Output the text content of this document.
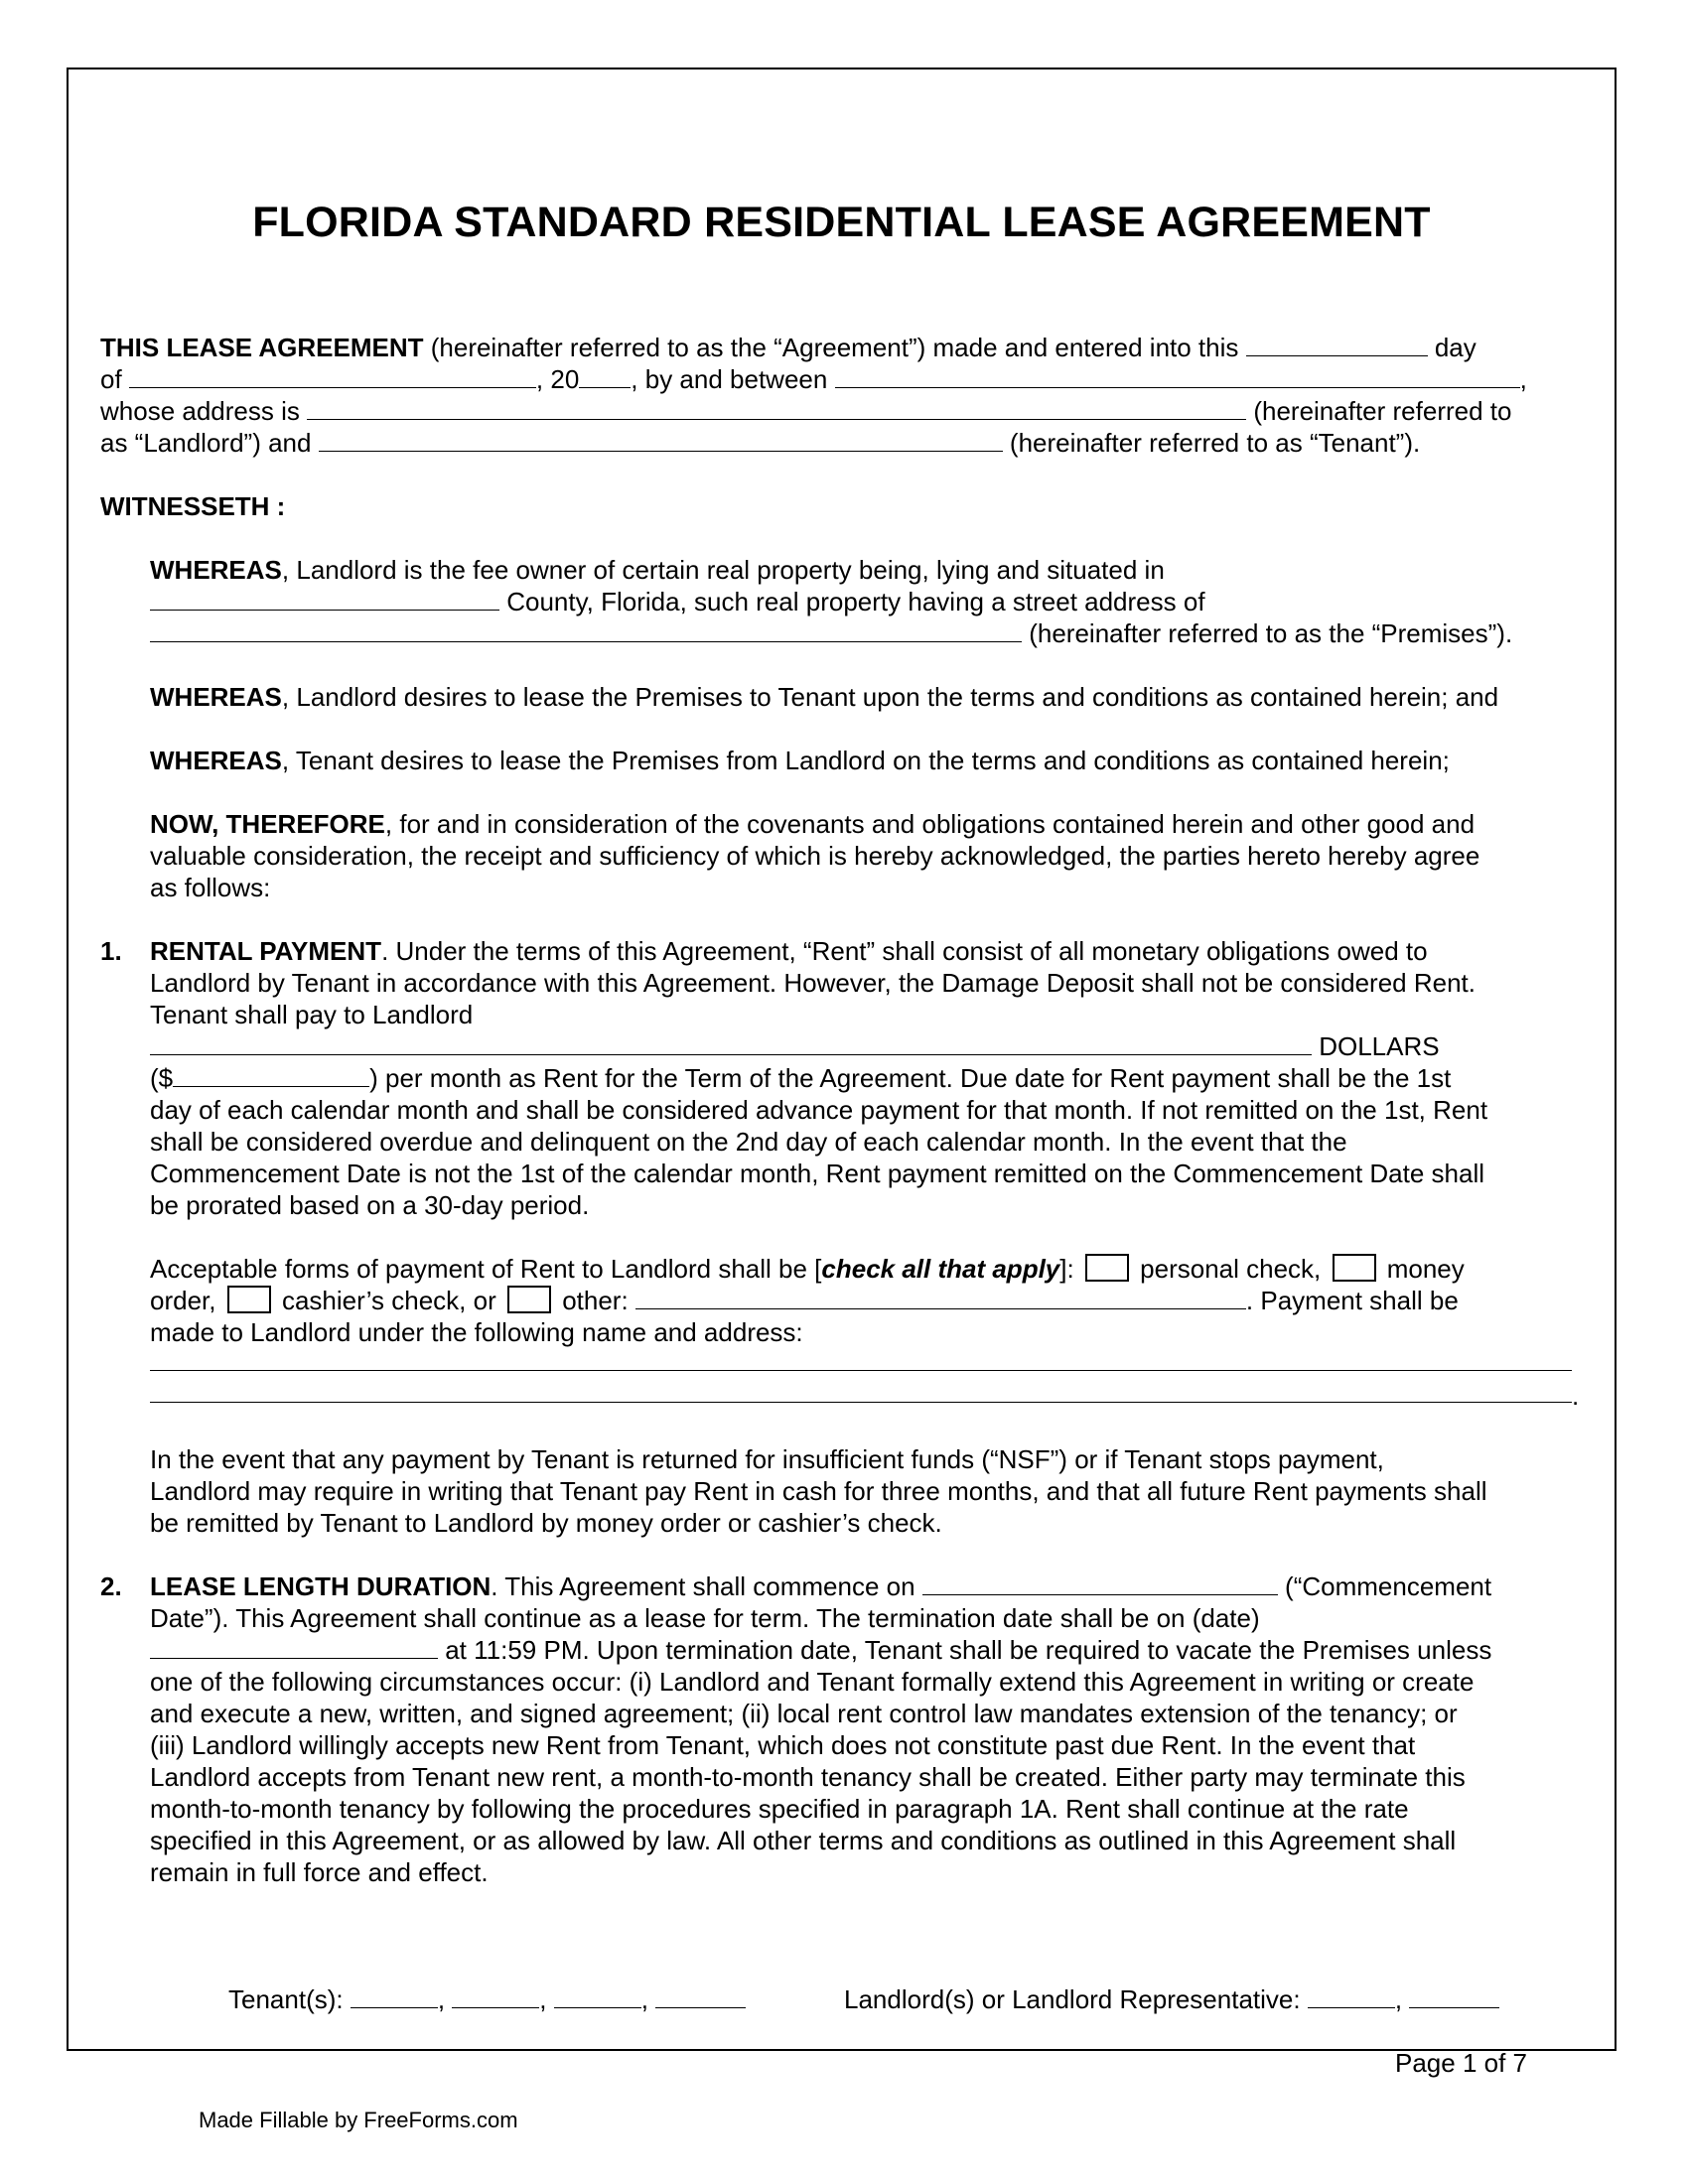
FLORIDA STANDARD RESIDENTIAL LEASE AGREEMENT
THIS LEASE AGREEMENT (hereinafter referred to as the “Agreement”) made and entered into this	day
of	, 20 , by and between	,
whose address is	(hereinafter referred to
as “Landlord”) and	(hereinafter referred to as “Tenant”).
WITNESSETH :
WHEREAS, Landlord is the fee owner of certain real property being, lying and situated in
County, Florida, such real property having a street address of
(hereinafter referred to as the “Premises”).
WHEREAS, Landlord desires to lease the Premises to Tenant upon the terms and conditions as contained herein; and
WHEREAS, Tenant desires to lease the Premises from Landlord on the terms and conditions as contained herein;
NOW, THEREFORE, for and in consideration of the covenants and obligations contained herein and other good and
valuable consideration, the receipt and sufficiency of which is hereby acknowledged, the parties hereto hereby agree
as follows:
1. RENTAL PAYMENT. Under the terms of this Agreement, “Rent” shall consist of all monetary obligations owed to
Landlord by Tenant in accordance with this Agreement. However, the Damage Deposit shall not be considered Rent.
Tenant shall pay to Landlord
DOLLARS
($	) per month as Rent for the Term of the Agreement. Due date for Rent payment shall be the 1st
day of each calendar month and shall be considered advance payment for that month. If not remitted on the 1st, Rent
shall be considered overdue and delinquent on the 2nd day of each calendar month. In the event that the
Commencement Date is not the 1st of the calendar month, Rent payment remitted on the Commencement Date shall
be prorated based on a 30-day period.
Acceptable forms of payment of Rent to Landlord shall be [check all that apply]:  personal check,  money
order,  cashier’s check, or  other:	. Payment shall be
made to Landlord under the following name and address:
.
In the event that any payment by Tenant is returned for insufficient funds (“NSF”) or if Tenant stops payment,
Landlord may require in writing that Tenant pay Rent in cash for three months, and that all future Rent payments shall
be remitted by Tenant to Landlord by money order or cashier’s check.
2. LEASE LENGTH DURATION. This Agreement shall commence on	(“Commencement
Date”). This Agreement shall continue as a lease for term. The termination date shall be on (date)
at 11:59 PM. Upon termination date, Tenant shall be required to vacate the Premises unless
one of the following circumstances occur: (i) Landlord and Tenant formally extend this Agreement in writing or create
and execute a new, written, and signed agreement; (ii) local rent control law mandates extension of the tenancy; or
(iii) Landlord willingly accepts new Rent from Tenant, which does not constitute past due Rent. In the event that
Landlord accepts from Tenant new rent, a month-to-month tenancy shall be created. Either party may terminate this
month-to-month tenancy by following the procedures specified in paragraph 1A. Rent shall continue at the rate
specified in this Agreement, or as allowed by law. All other terms and conditions as outlined in this Agreement shall
remain in full force and effect.
Tenant(s):	,	,	,	Landlord(s) or Landlord Representative:	,
Page 1 of 7
Made Fillable by FreeForms.com
